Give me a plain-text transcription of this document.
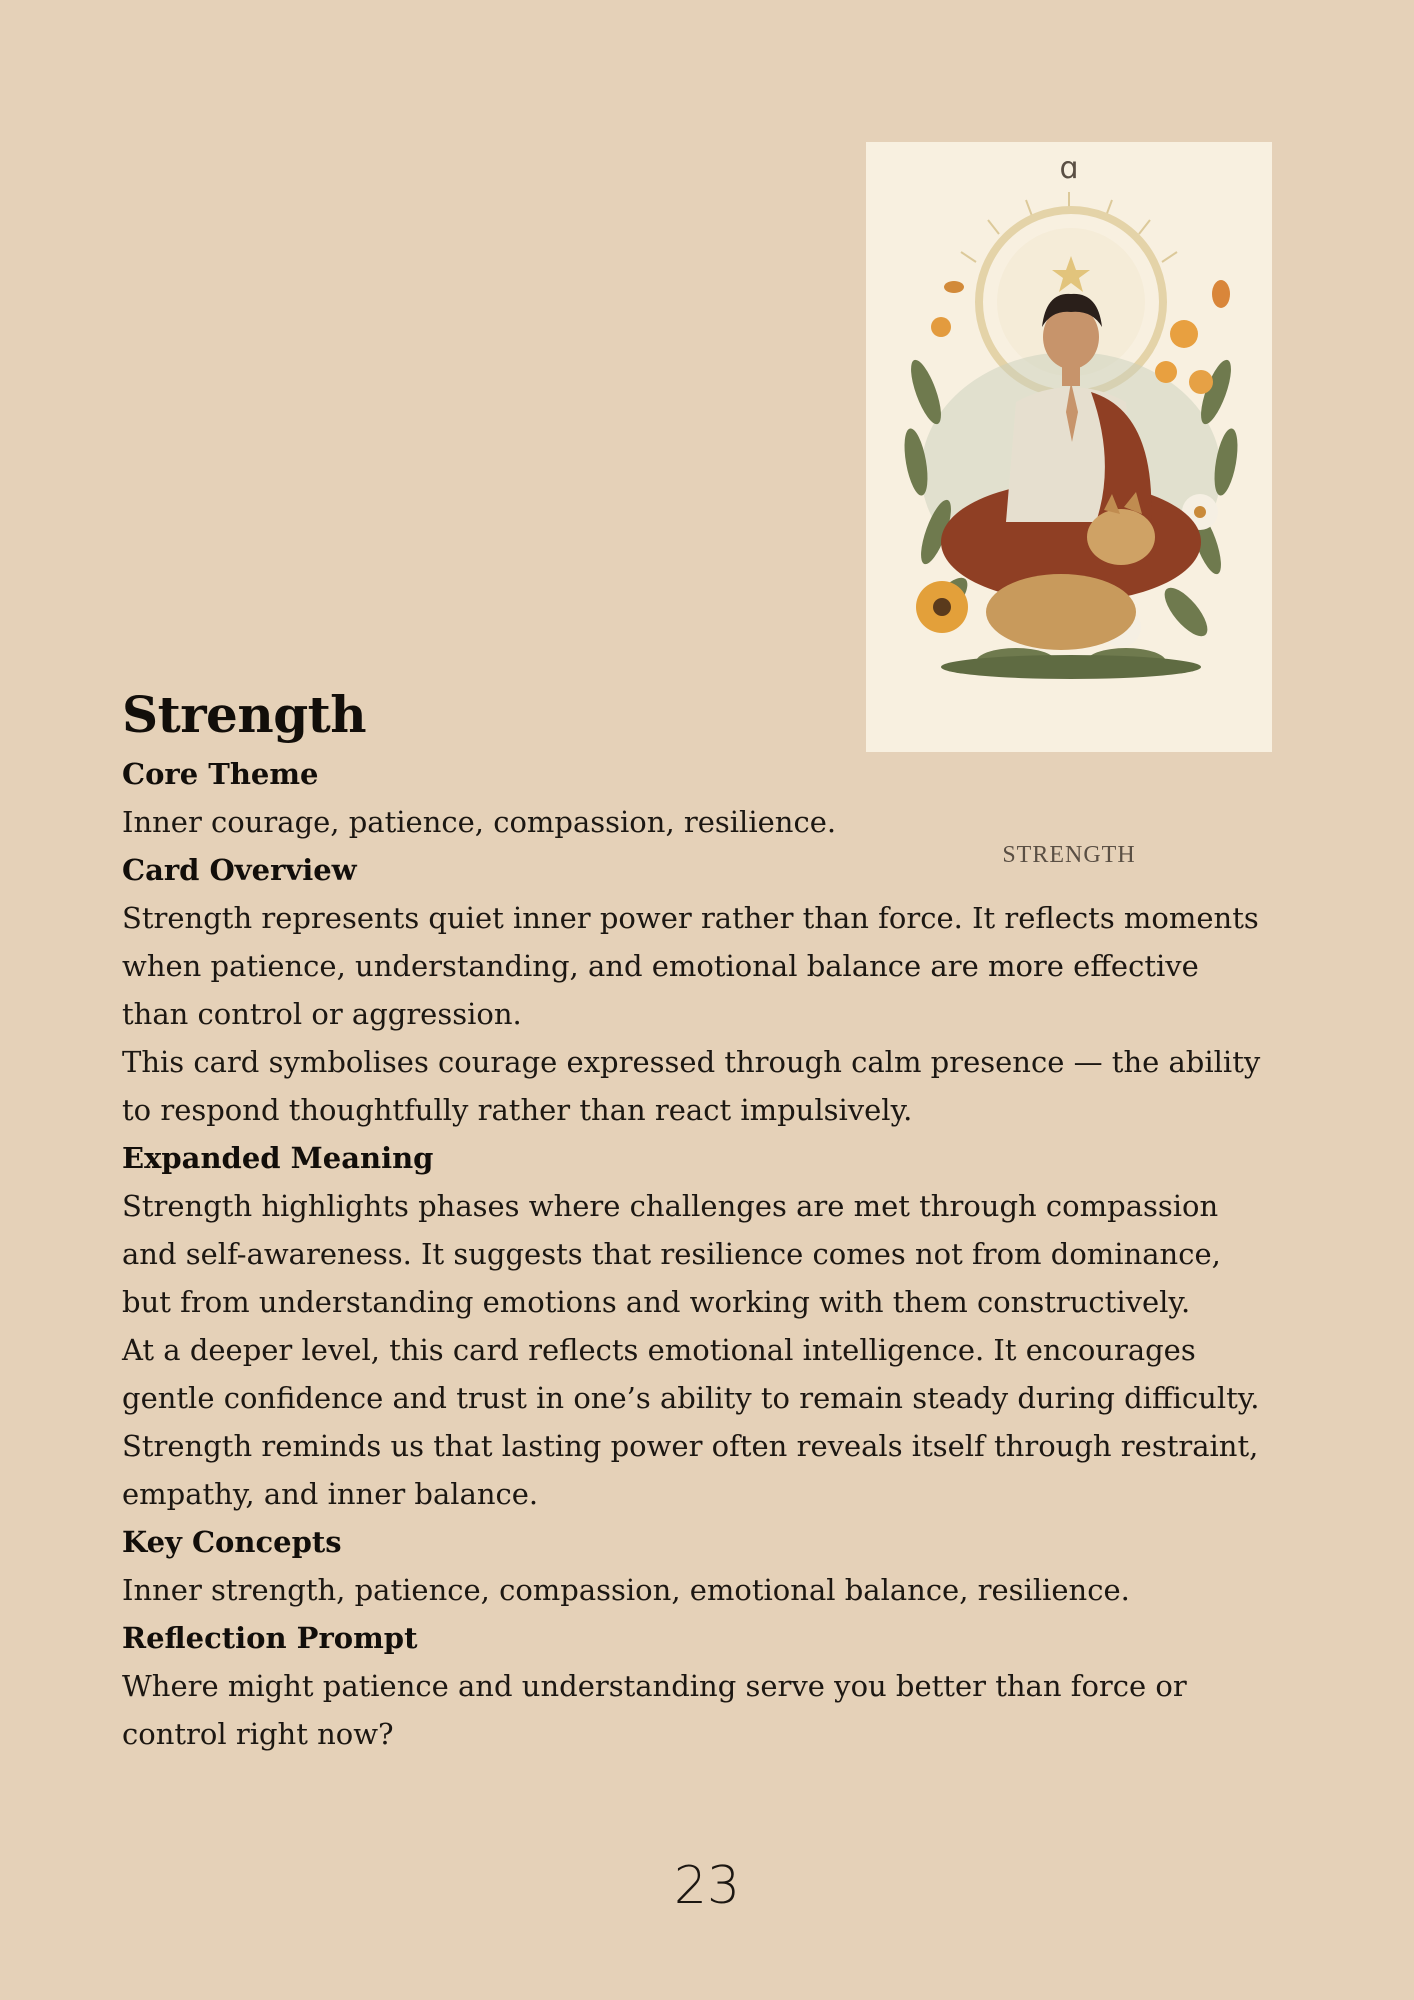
ɑ
STRENGTH
Strength
Core Theme

Inner courage, patience, compassion, resilience.

Card Overview

Strength represents quiet inner power rather than force. It reflects moments when patience, understanding, and emotional balance are more effective than control or aggression.

This card symbolises courage expressed through calm presence — the ability to respond thoughtfully rather than react impulsively.

Expanded Meaning

Strength highlights phases where challenges are met through compassion and self-awareness. It suggests that resilience comes not from dominance, but from understanding emotions and working with them constructively.

At a deeper level, this card reflects emotional intelligence. It encourages gentle confidence and trust in one’s ability to remain steady during difficulty. Strength reminds us that lasting power often reveals itself through restraint, empathy, and inner balance.

Key Concepts

Inner strength, patience, compassion, emotional balance, resilience.

Reflection Prompt

Where might patience and understanding serve you better than force or control right now?

23
